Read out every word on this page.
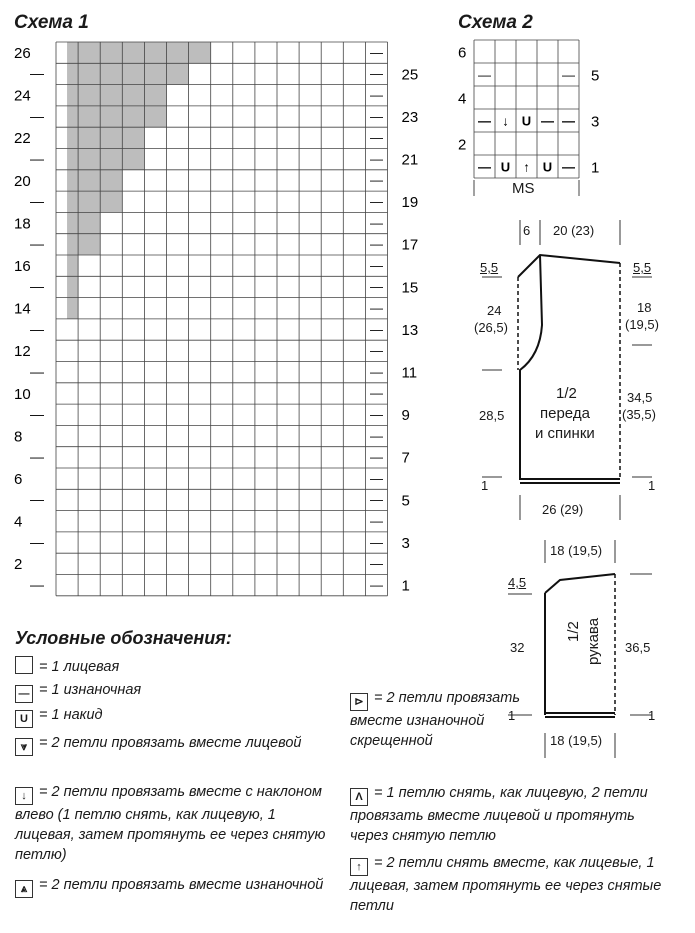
Схема 1	Схема 2
—
—	—
—
—	—
—
—	—
—
—	—
—
—	—
—
—	—
—
—	—
—
—	—
—
—	—
—
—	—
—
—	—
—
—	—
—
—	—
26
24
22
20
18
16
14
12
10
8
6
4
2
25
23
21
19
17
15
13
11
9
7
5
3
1
6
4
2
5
3
1
— ↓ U — —
— U ↑ U —
—	—
MS
6 20 (23)
5,5	5,5
24
(26,5)
18
(19,5)
28,5
34,5
(35,5)
1/2
переда
и спинки
1	1
26 (29)
18 (19,5)
4,5
32	36,5
1/2 рукава
1	1
18 (19,5)
Условные обозначения:
= 1 лицевая
— = 1 изнаночная
U = 1 накид
⩔ = 2 петли провязать вместе лицевой
↓ = 2 петли провязать вместе с наклоном влево (1 петлю снять, как лицевую, 1 лицевая, затем протянуть ее через снятую петлю)
⩓ = 2 петли провязать вместе изнаночной
⊳ = 2 петли провязать вместе изнаночной скрещенной
Λ = 1 петлю снять, как лицевую, 2 петли провязать вместе лицевой и протянуть через снятую петлю
↑ = 2 петли снять вместе, как лицевые, 1 лицевая, затем протянуть ее через снятые петли
